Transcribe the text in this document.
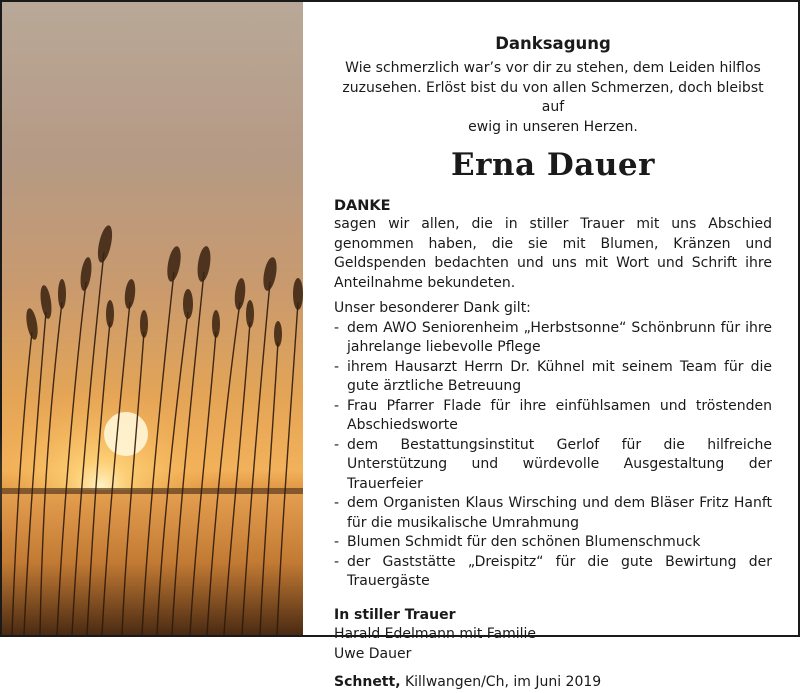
Danksagung
Wie schmerzlich war’s vor dir zu stehen, dem Leiden hilflos
zuzusehen. Erlöst bist du von allen Schmerzen, doch bleibst auf
ewig in unseren Herzen.
Erna Dauer
DANKE
sagen wir allen, die in stiller Trauer mit uns Abschied genommen haben, die sie mit Blumen, Kränzen und Geldspenden bedachten und uns mit Wort und Schrift ihre Anteilnahme bekundeten.
Unser besonderer Dank gilt:
- dem AWO Seniorenheim „Herbstsonne“ Schönbrunn für ihre jahrelange liebevolle Pflege
- ihrem Hausarzt Herrn Dr. Kühnel mit seinem Team für die gute ärztliche Betreuung
- Frau Pfarrer Flade für ihre einfühlsamen und tröstenden Abschiedsworte
- dem Bestattungsinstitut Gerlof für die hilfreiche Unterstützung und würdevolle Ausgestaltung der Trauerfeier
- dem Organisten Klaus Wirsching und dem Bläser Fritz Hanft für die musikalische Umrahmung
- Blumen Schmidt für den schönen Blumenschmuck
- der Gaststätte „Dreispitz“ für die gute Bewirtung der Trauergäste
In stiller Trauer
Harald Edelmann mit Familie
Uwe Dauer
Schnett, Killwangen/Ch, im Juni 2019
